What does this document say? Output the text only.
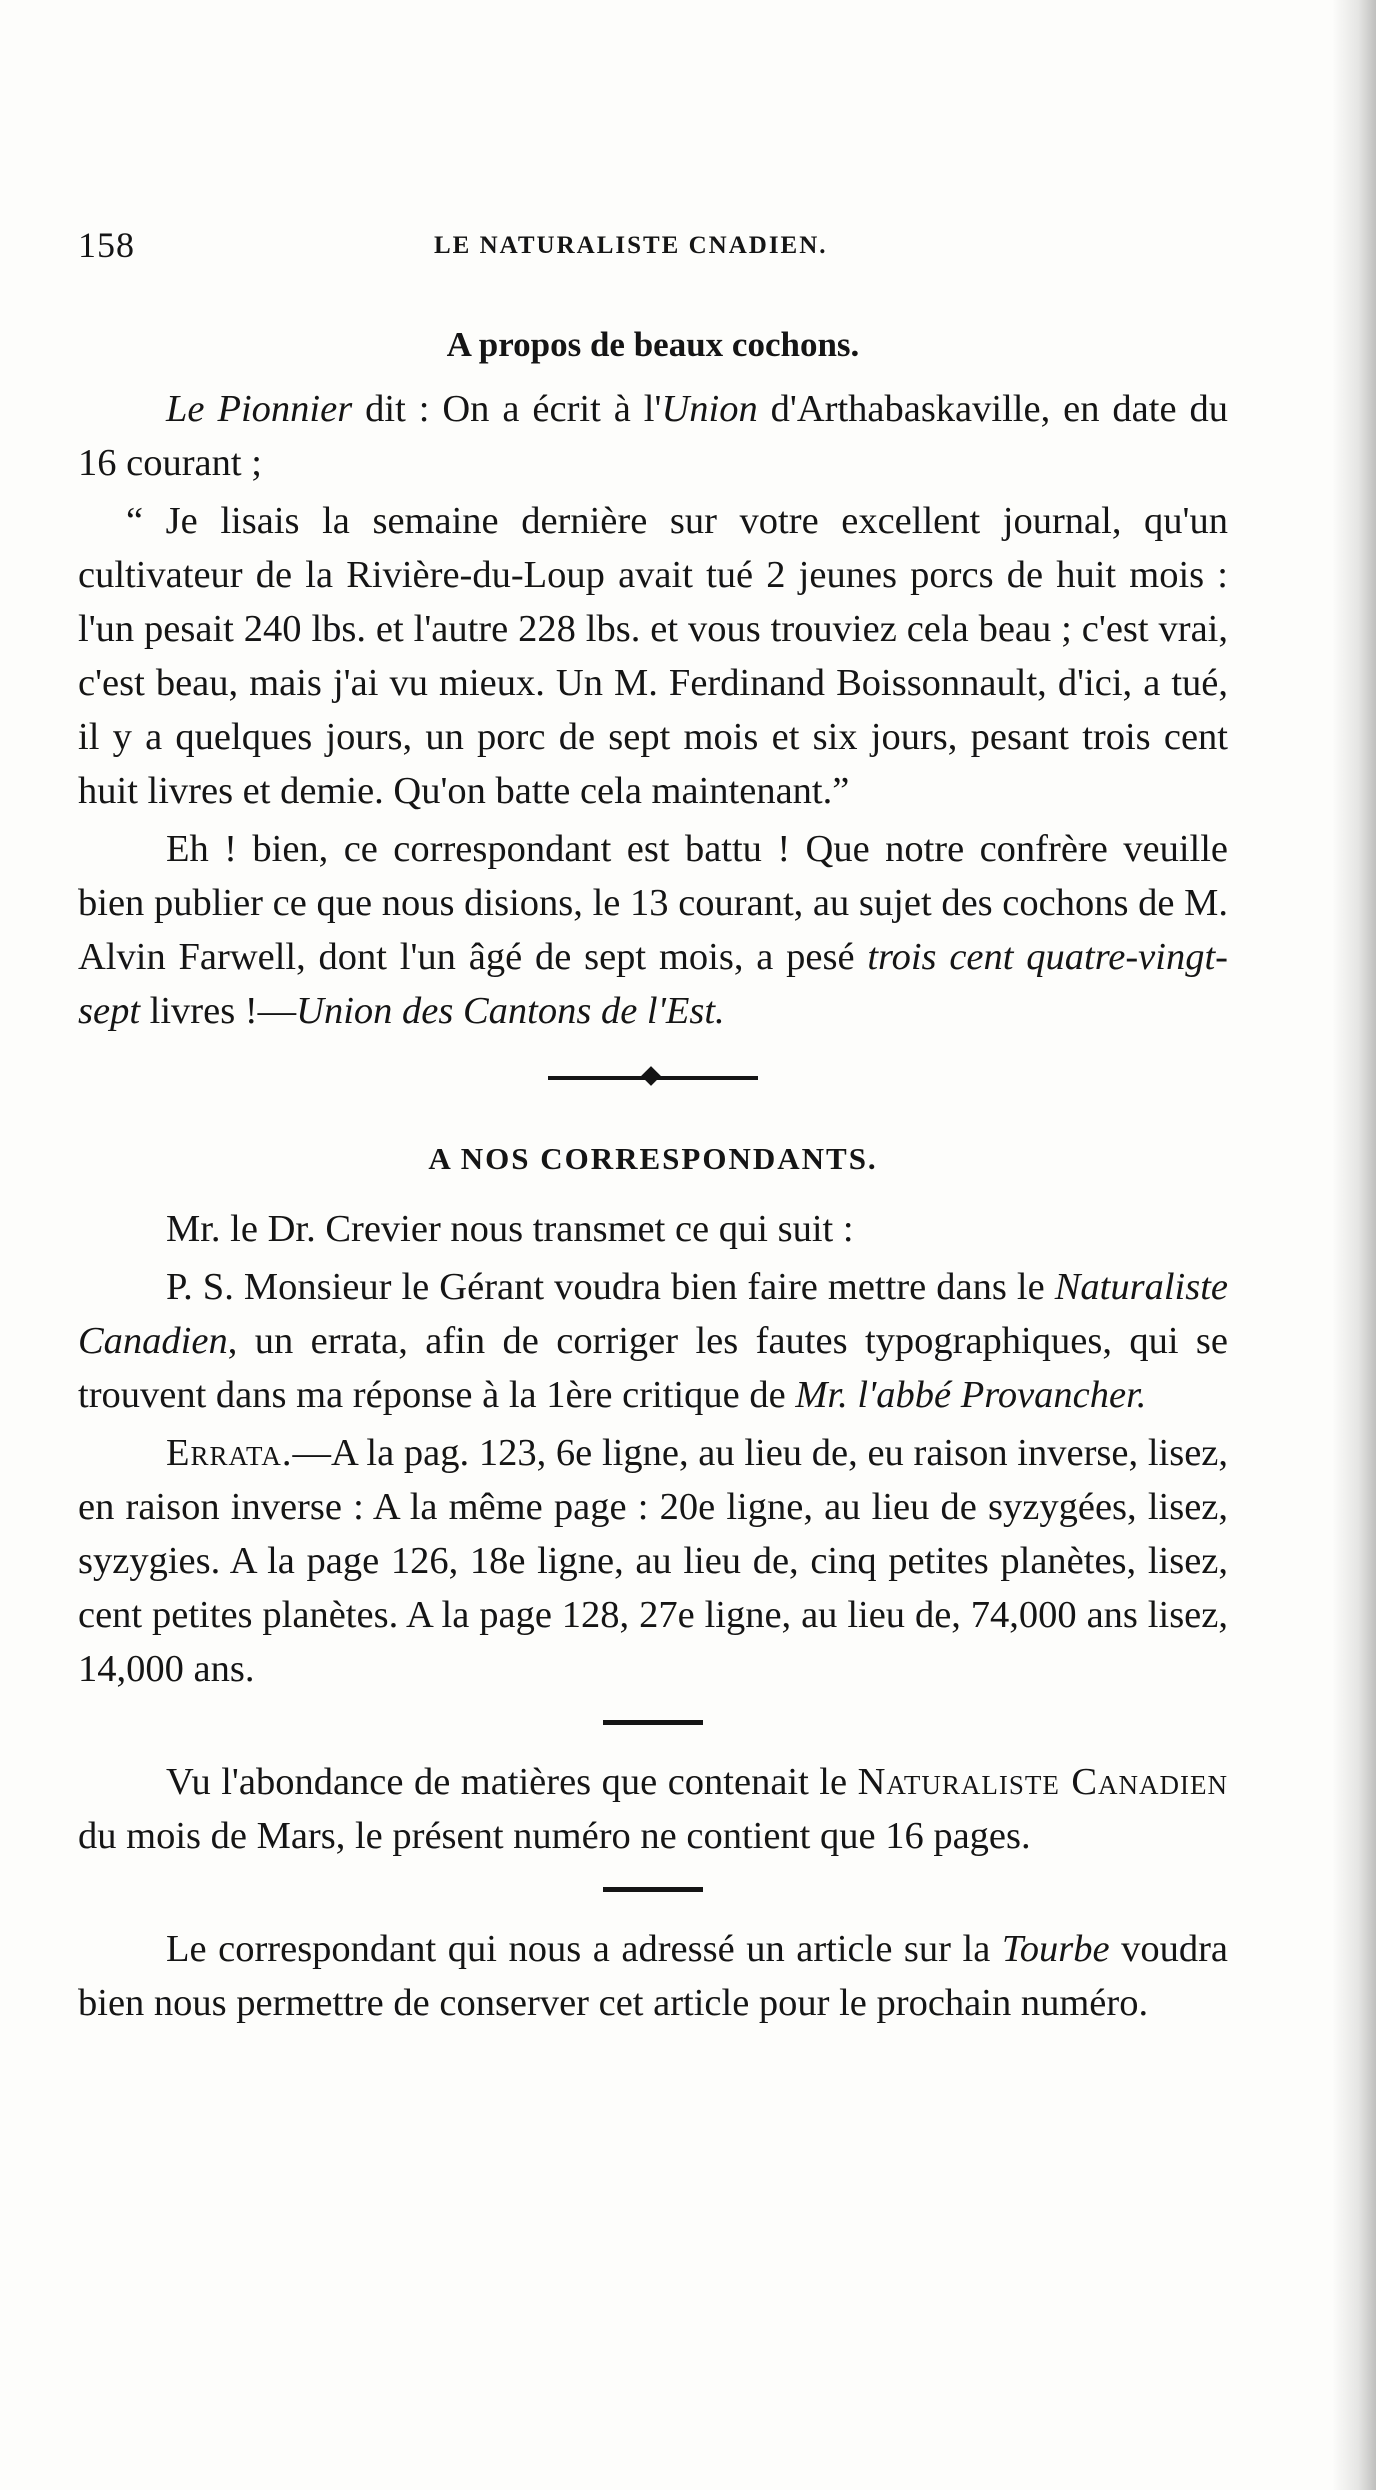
158	LE NATURALISTE CNADIEN.
A propos de beaux cochons.

Le Pionnier dit : On a écrit à l'Union d'Arthabaskaville, en date du 16 courant ;

“ Je lisais la semaine dernière sur votre excellent journal, qu'un cultivateur de la Rivière-du-Loup avait tué 2 jeunes porcs de huit mois : l'un pesait 240 lbs. et l'autre 228 lbs. et vous trouviez cela beau ; c'est vrai, c'est beau, mais j'ai vu mieux. Un M. Ferdinand Boissonnault, d'ici, a tué, il y a quelques jours, un porc de sept mois et six jours, pesant trois cent huit livres et demie. Qu'on batte cela maintenant.”

Eh ! bien, ce correspondant est battu ! Que notre confrère veuille bien publier ce que nous disions, le 13 courant, au sujet des cochons de M. Alvin Farwell, dont l'un âgé de sept mois, a pesé trois cent quatre-vingt-sept livres !—Union des Cantons de l'Est.

A NOS CORRESPONDANTS.

Mr. le Dr. Crevier nous transmet ce qui suit :

P. S. Monsieur le Gérant voudra bien faire mettre dans le Naturaliste Canadien, un errata, afin de corriger les fautes typographiques, qui se trouvent dans ma réponse à la 1ère critique de Mr. l'abbé Provancher.

Errata.—A la pag. 123, 6e ligne, au lieu de, eu raison inverse, lisez, en raison inverse : A la même page : 20e ligne, au lieu de syzygées, lisez, syzygies. A la page 126, 18e ligne, au lieu de, cinq petites planètes, lisez, cent petites planètes. A la page 128, 27e ligne, au lieu de, 74,000 ans lisez, 14,000 ans.

Vu l'abondance de matières que contenait le Naturaliste Canadien du mois de Mars, le présent numéro ne contient que 16 pages.

Le correspondant qui nous a adressé un article sur la Tourbe voudra bien nous permettre de conserver cet article pour le prochain numéro.
